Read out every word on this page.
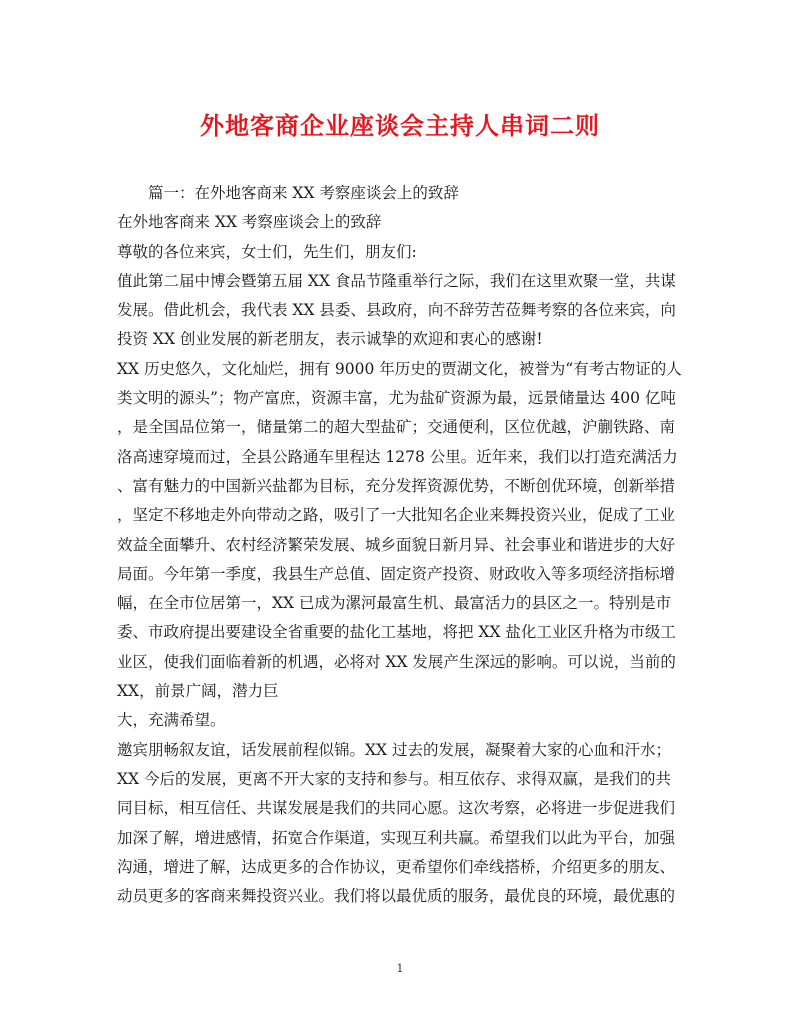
外地客商企业座谈会主持人串词二则
篇一：在外地客商来 XX 考察座谈会上的致辞
在外地客商来 XX 考察座谈会上的致辞
尊敬的各位来宾，女士们，先生们，朋友们:
值此第二届中博会暨第五届 XX 食品节隆重举行之际，我们在这里欢聚一堂，共谋
发展。借此机会，我代表 XX 县委、县政府，向不辞劳苦莅舞考察的各位来宾，向
投资 XX 创业发展的新老朋友，表示诚挚的欢迎和衷心的感谢!
XX 历史悠久，文化灿烂，拥有 9000 年历史的贾湖文化，被誉为“有考古物证的人
类文明的源头”；物产富庶，资源丰富，尤为盐矿资源为最，远景储量达 400 亿吨
，是全国品位第一，储量第二的超大型盐矿；交通便利，区位优越，沪蒯铁路、南
洛高速穿境而过，全县公路通车里程达 1278 公里。近年来，我们以打造充满活力
、富有魅力的中国新兴盐都为目标，充分发挥资源优势，不断创优环境，创新举措
，坚定不移地走外向带动之路，吸引了一大批知名企业来舞投资兴业，促成了工业
效益全面攀升、农村经济繁荣发展、城乡面貌日新月异、社会事业和谐进步的大好
局面。今年第一季度，我县生产总值、固定资产投资、财政收入等多项经济指标增
幅，在全市位居第一，XX 已成为漯河最富生机、最富活力的县区之一。特别是市
委、市政府提出要建设全省重要的盐化工基地，将把 XX 盐化工业区升格为市级工
业区，使我们面临着新的机遇，必将对 XX 发展产生深远的影响。可以说，当前的
XX，前景广阔，潜力巨
大，充满希望。
邀宾朋畅叙友谊，话发展前程似锦。XX 过去的发展，凝聚着大家的心血和汗水；
XX 今后的发展，更离不开大家的支持和参与。相互依存、求得双赢，是我们的共
同目标，相互信任、共谋发展是我们的共同心愿。这次考察，必将进一步促进我们
加深了解，增进感情，拓宽合作渠道，实现互利共赢。希望我们以此为平台，加强
沟通，增进了解，达成更多的合作协议，更希望你们牵线搭桥，介绍更多的朋友、
动员更多的客商来舞投资兴业。我们将以最优质的服务，最优良的环境，最优惠的
1
